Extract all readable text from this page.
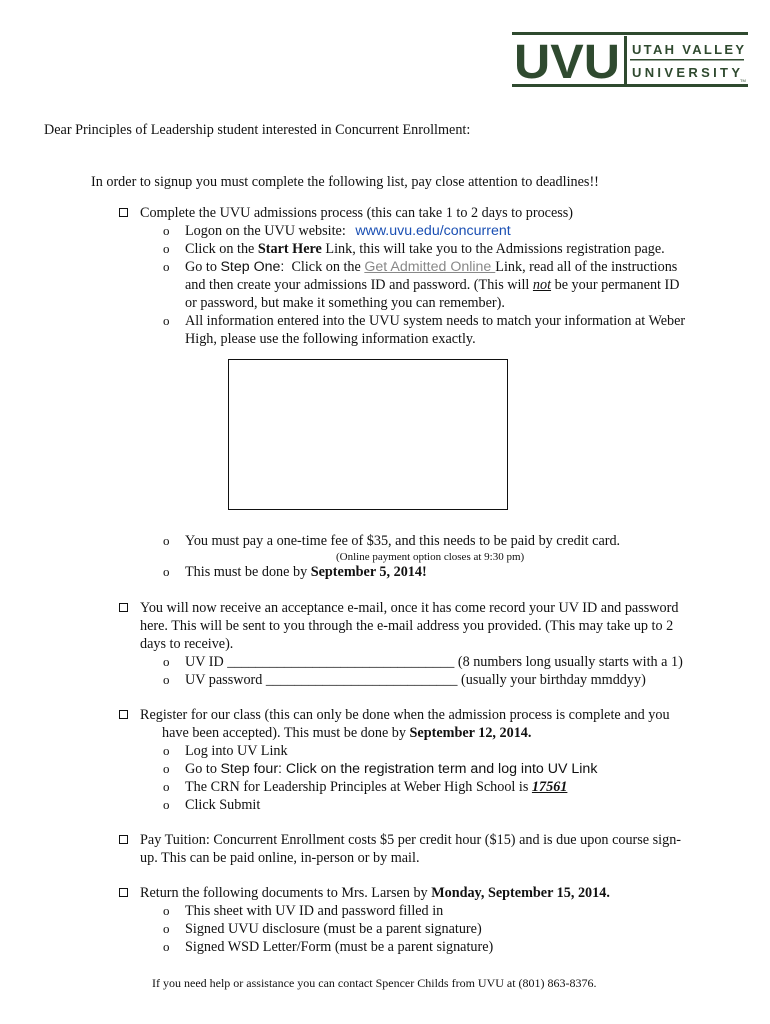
UVU UTAH VALLEY
UNIVERSITY
TM
Dear Principles of Leadership student interested in Concurrent Enrollment:
In order to signup you must complete the following list, pay close attention to deadlines!!
Complete the UVU admissions process (this can take 1 to 2 days to process)
o Logon on the UVU website: www.uvu.edu/concurrent
o Click on the Start Here Link, this will take you to the Admissions registration page.
o Go to Step One:  Click on the Get Admitted Online Link, read all of the instructions
and then create your admissions ID and password. (This will not be your permanent ID
or password, but make it something you can remember).
o All information entered into the UVU system needs to match your information at Weber
High, please use the following information exactly.
o You must pay a one-time fee of $35, and this needs to be paid by credit card.
(Online payment option closes at 9:30 pm)
o This must be done by September 5, 2014!
You will now receive an acceptance e-mail, once it has come record your UV ID and password
here. This will be sent to you through the e-mail address you provided. (This may take up to 2
days to receive).
o UV ID ________________________________ (8 numbers long usually starts with a 1)
o UV password ___________________________ (usually your birthday mmddyy)
Register for our class (this can only be done when the admission process is complete and you
have been accepted). This must be done by September 12, 2014.
o Log into UV Link
o Go to Step four: Click on the registration term and log into UV Link
o The CRN for Leadership Principles at Weber High School is 17561
o Click Submit
Pay Tuition: Concurrent Enrollment costs $5 per credit hour ($15) and is due upon course sign-
up. This can be paid online, in-person or by mail.
Return the following documents to Mrs. Larsen by Monday, September 15, 2014.
o This sheet with UV ID and password filled in
o Signed UVU disclosure (must be a parent signature)
o Signed WSD Letter/Form (must be a parent signature)
If you need help or assistance you can contact Spencer Childs from UVU at (801) 863-8376.
